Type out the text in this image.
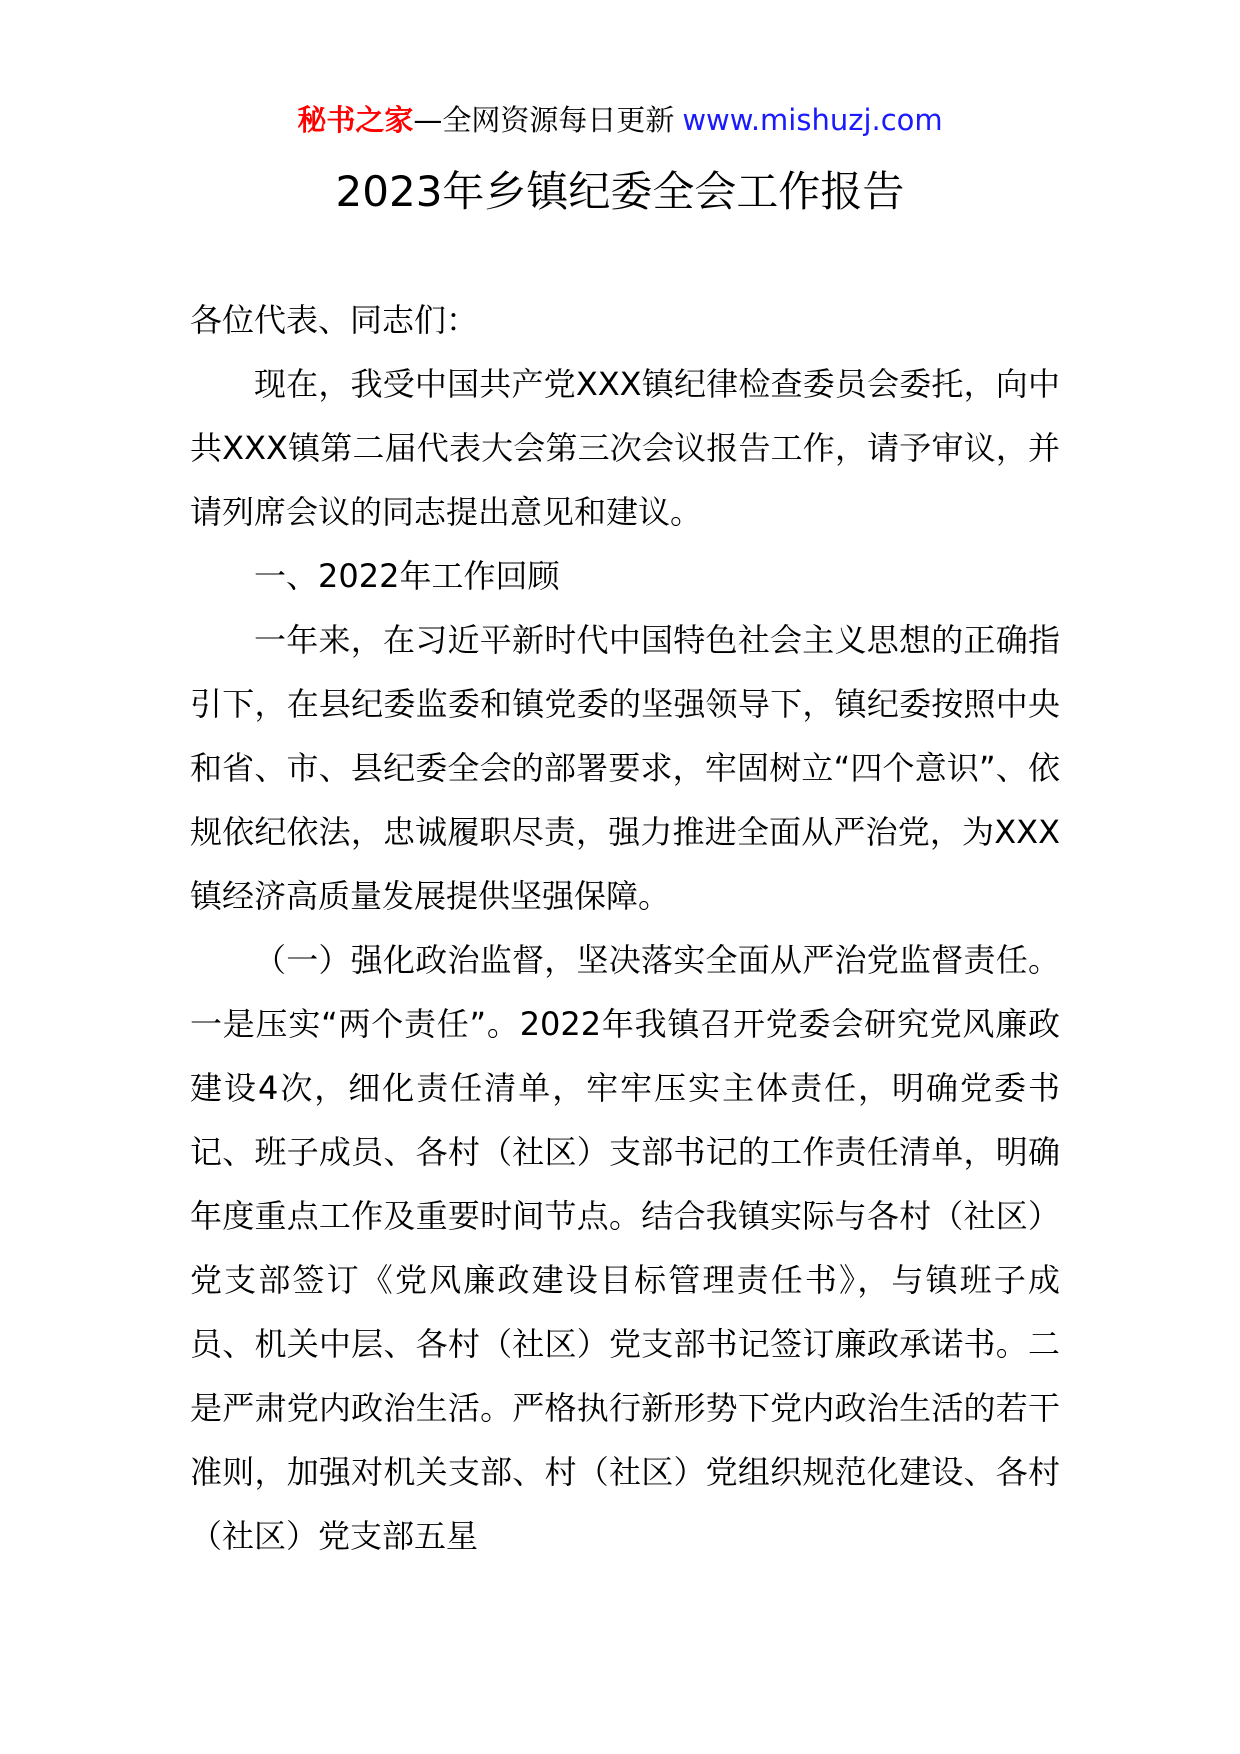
秘书之家—全网资源每日更新 www.mishuzj.com
2023年乡镇纪委全会工作报告

各位代表、同志们：

现在，我受中国共产党XXX镇纪律检查委员会委托，向中共XXX镇第二届代表大会第三次会议报告工作，请予审议，并请列席会议的同志提出意见和建议。

一、2022年工作回顾

一年来，在习近平新时代中国特色社会主义思想的正确指引下，在县纪委监委和镇党委的坚强领导下，镇纪委按照中央和省、市、县纪委全会的部署要求，牢固树立“四个意识”、依规依纪依法，忠诚履职尽责，强力推进全面从严治党，为XXX镇经济高质量发展提供坚强保障。

（一）强化政治监督，坚决落实全面从严治党监督责任。一是压实“两个责任”。2022年我镇召开党委会研究党风廉政建设4次，细化责任清单，牢牢压实主体责任，明确党委书记、班子成员、各村（社区）支部书记的工作责任清单，明确年度重点工作及重要时间节点。结合我镇实际与各村（社区）党支部签订《党风廉政建设目标管理责任书》，与镇班子成员、机关中层、各村（社区）党支部书记签订廉政承诺书。二是严肃党内政治生活。严格执行新形势下党内政治生活的若干准则，加强对机关支部、村（社区）党组织规范化建设、各村（社区）党支部五星
